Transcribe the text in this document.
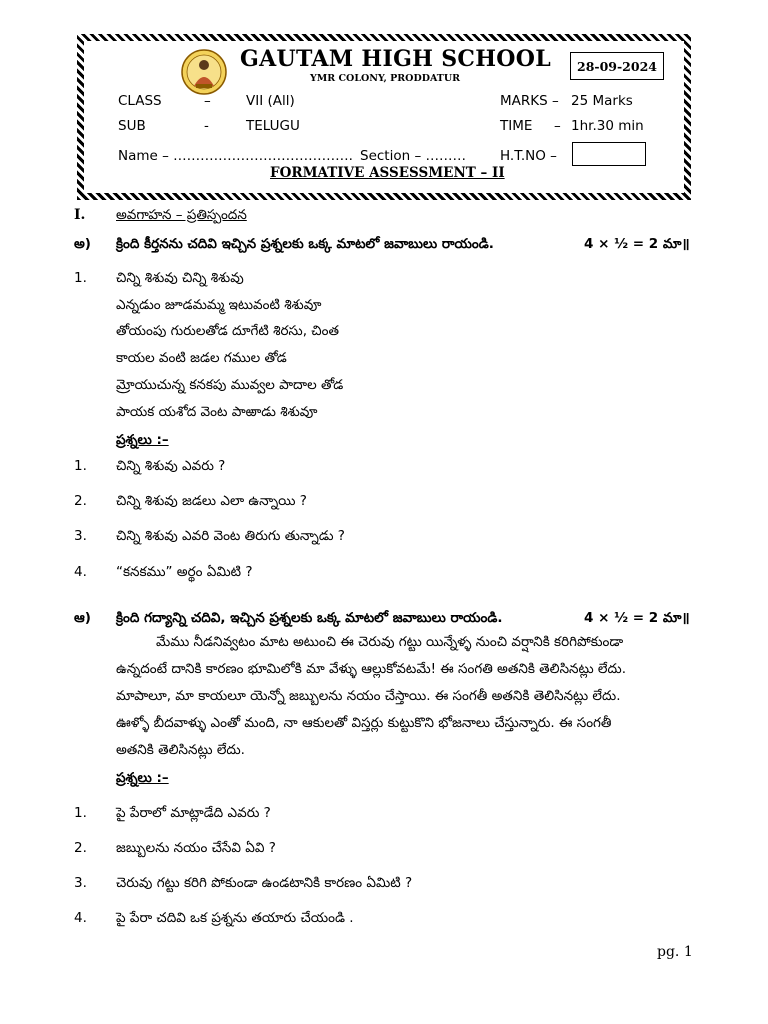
GAUTAM HIGH SCHOOL
YMR COLONY, PRODDATUR
28-09-2024
CLASS	–	VII (All)	MARKS – 25 Marks
SUB	-	TELUGU	TIME – 1hr.30 min
Name – …………………………………. Section – ………	H.T.NO –
FORMATIVE ASSESSMENT – II
I. అవగాహన – ప్రతిస్పందన
అ) క్రింది కీర్తనను చదివి ఇచ్చిన ప్రశ్నలకు ఒక్క మాటలో జవాబులు రాయండి.	4 × ½ = 2 మా॥
1. చిన్ని శిశువు చిన్ని శిశువు
ఎన్నడుం జూడమమ్మ ఇటువంటి శిశువూ
తోయంపు గురులతోడ దూగేటి శిరసు, చింత
కాయల వంటి జడల గముల తోడ
మ్రోయుచున్న కనకపు మువ్వల పాదాల తోడ
పాయక యశోద వెంట పాఱాడు శిశువూ
ప్రశ్నలు :–
1. చిన్ని శిశువు ఎవరు ?
2. చిన్ని శిశువు జడలు ఎలా ఉన్నాయి ?
3. చిన్ని శిశువు ఎవరి వెంట తిరుగు తున్నాడు ?
4. “కనకము” అర్థం ఏమిటి ?
ఆ) క్రింది గద్యాన్ని చదివి, ఇచ్చిన ప్రశ్నలకు ఒక్క మాటలో జవాబులు రాయండి.	4 × ½ = 2 మా॥
మేము నీడనివ్వటం మాట అటుంచి ఈ చెరువు గట్టు యిన్నేళ్ళ నుంచి వర్షానికి కరిగిపోకుండా
ఉన్నదంటే దానికి కారణం భూమిలోకి మా వేళ్ళు ఆల్లుకోవటమే! ఈ సంగతి అతనికి తెలిసినట్లు లేదు.
మాపాలూ, మా కాయలూ యెన్నో జబ్బులను నయం చేస్తాయి. ఈ సంగతీ అతనికి తెలిసినట్లు లేదు.
ఊళ్ళో బీదవాళ్ళు ఎంతో మంది, నా ఆకులతో విస్తర్లు కుట్టుకొని భోజనాలు చేస్తున్నారు. ఈ సంగతీ
అతనికి తెలిసినట్లు లేదు.
ప్రశ్నలు :–
1. పై పేరాలో మాట్లాడేది ఎవరు ?
2. జబ్బులను నయం చేసేవి ఏవి ?
3. చెరువు గట్టు కరిగి పోకుండా ఉండటానికి కారణం ఏమిటి ?
4. పై పేరా చదివి ఒక ప్రశ్నను తయారు చేయండి .
pg. 1
